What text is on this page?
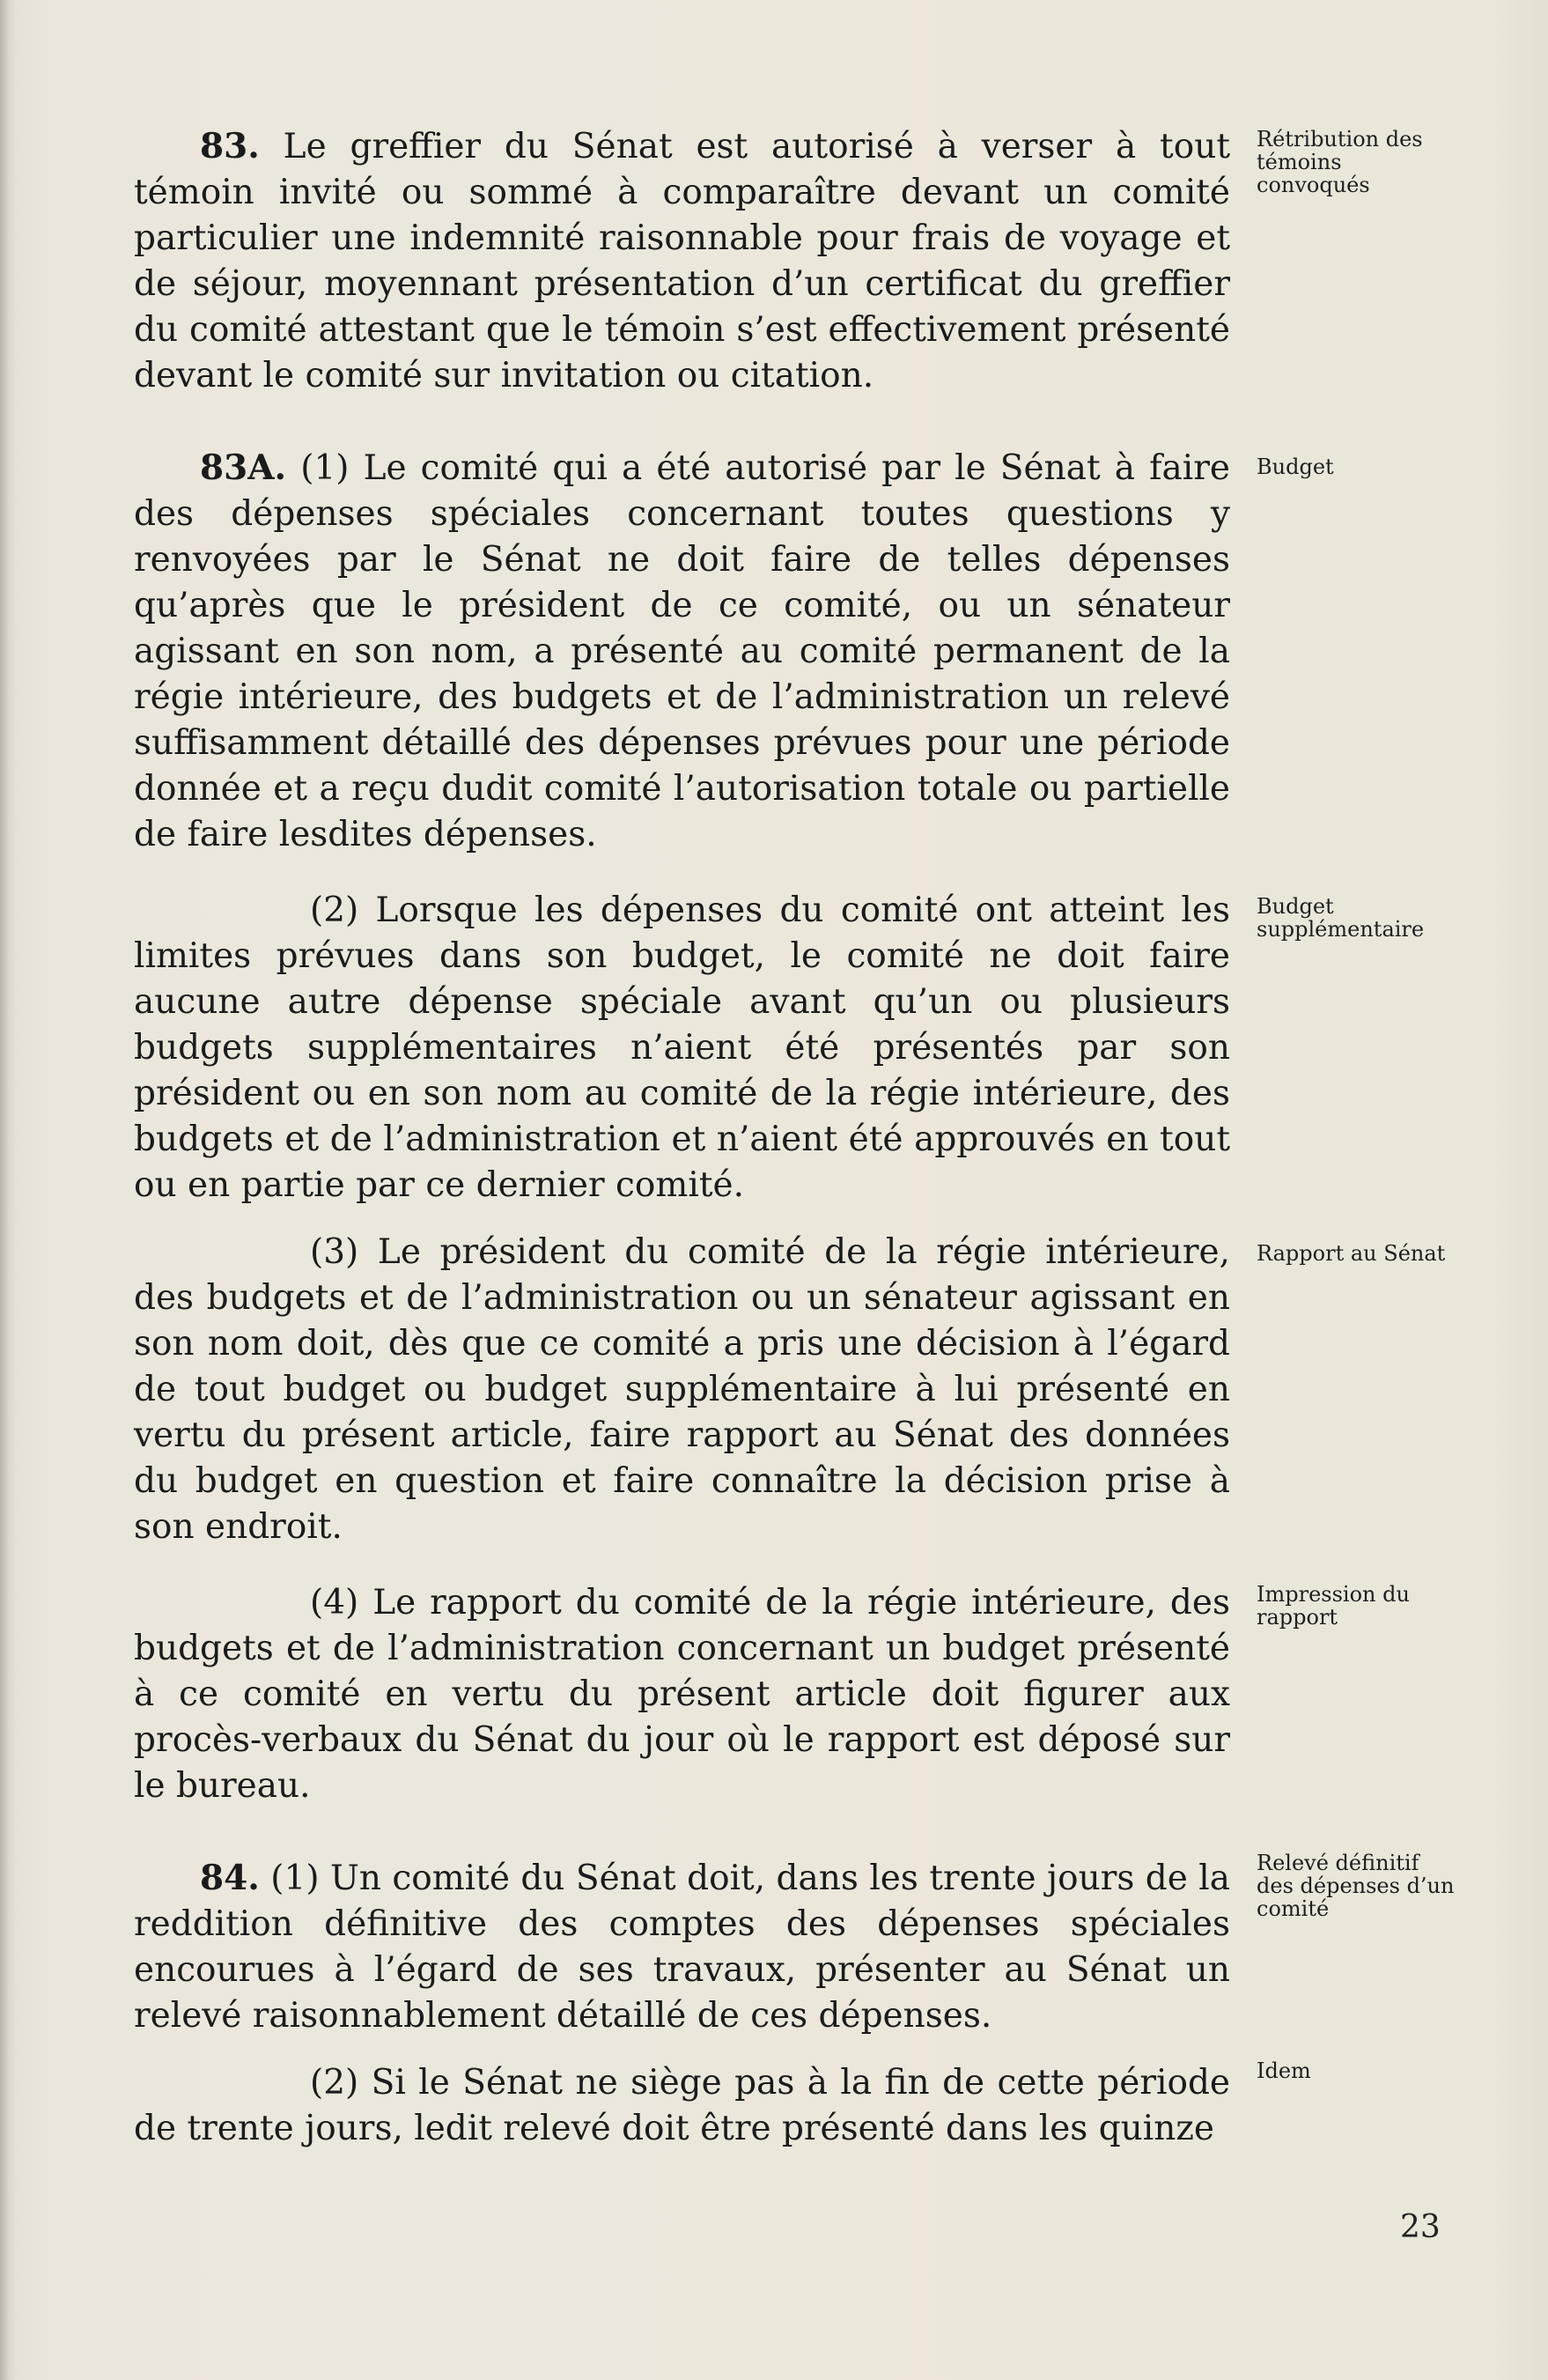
83. Le greffier du Sénat est autorisé à verser à tout témoin invité ou sommé à comparaître devant un comité particulier une indemnité raisonnable pour frais de voyage et de séjour, moyennant présentation d’un certificat du greffier du comité attestant que le témoin s’est effectivement présenté devant le comité sur invitation ou citation.

83A. (1) Le comité qui a été autorisé par le Sénat à faire des dépenses spéciales concernant toutes questions y renvoyées par le Sénat ne doit faire de telles dépenses qu’après que le président de ce comité, ou un sénateur agissant en son nom, a présenté au comité permanent de la régie intérieure, des budgets et de l’administration un relevé suffisamment détaillé des dépenses prévues pour une période donnée et a reçu dudit comité l’autorisation totale ou partielle de faire lesdites dépenses.

(2) Lorsque les dépenses du comité ont atteint les limites prévues dans son budget, le comité ne doit faire aucune autre dépense spéciale avant qu’un ou plusieurs budgets supplémentaires n’aient été présentés par son président ou en son nom au comité de la régie intérieure, des budgets et de l’administration et n’aient été approuvés en tout ou en partie par ce dernier comité.

(3) Le président du comité de la régie intérieure, des budgets et de l’administration ou un sénateur agissant en son nom doit, dès que ce comité a pris une décision à l’égard de tout budget ou budget supplémentaire à lui présenté en vertu du présent article, faire rapport au Sénat des données du budget en question et faire connaître la décision prise à son endroit.

(4) Le rapport du comité de la régie intérieure, des budgets et de l’administration concernant un budget présenté à ce comité en vertu du présent article doit figurer aux procès-verbaux du Sénat du jour où le rapport est déposé sur le bureau.

84. (1) Un comité du Sénat doit, dans les trente jours de la reddition définitive des comptes des dépenses spéciales encourues à l’égard de ses travaux, présenter au Sénat un relevé raisonnablement détaillé de ces dépenses.

(2) Si le Sénat ne siège pas à la fin de cette période de trente jours, ledit relevé doit être présenté dans les quinze

Rétribution des témoins convoqués
Budget
Budget supplémentaire
Rapport au Sénat
Impression du rapport
Relevé définitif des dépenses d’un comité
Idem
23
